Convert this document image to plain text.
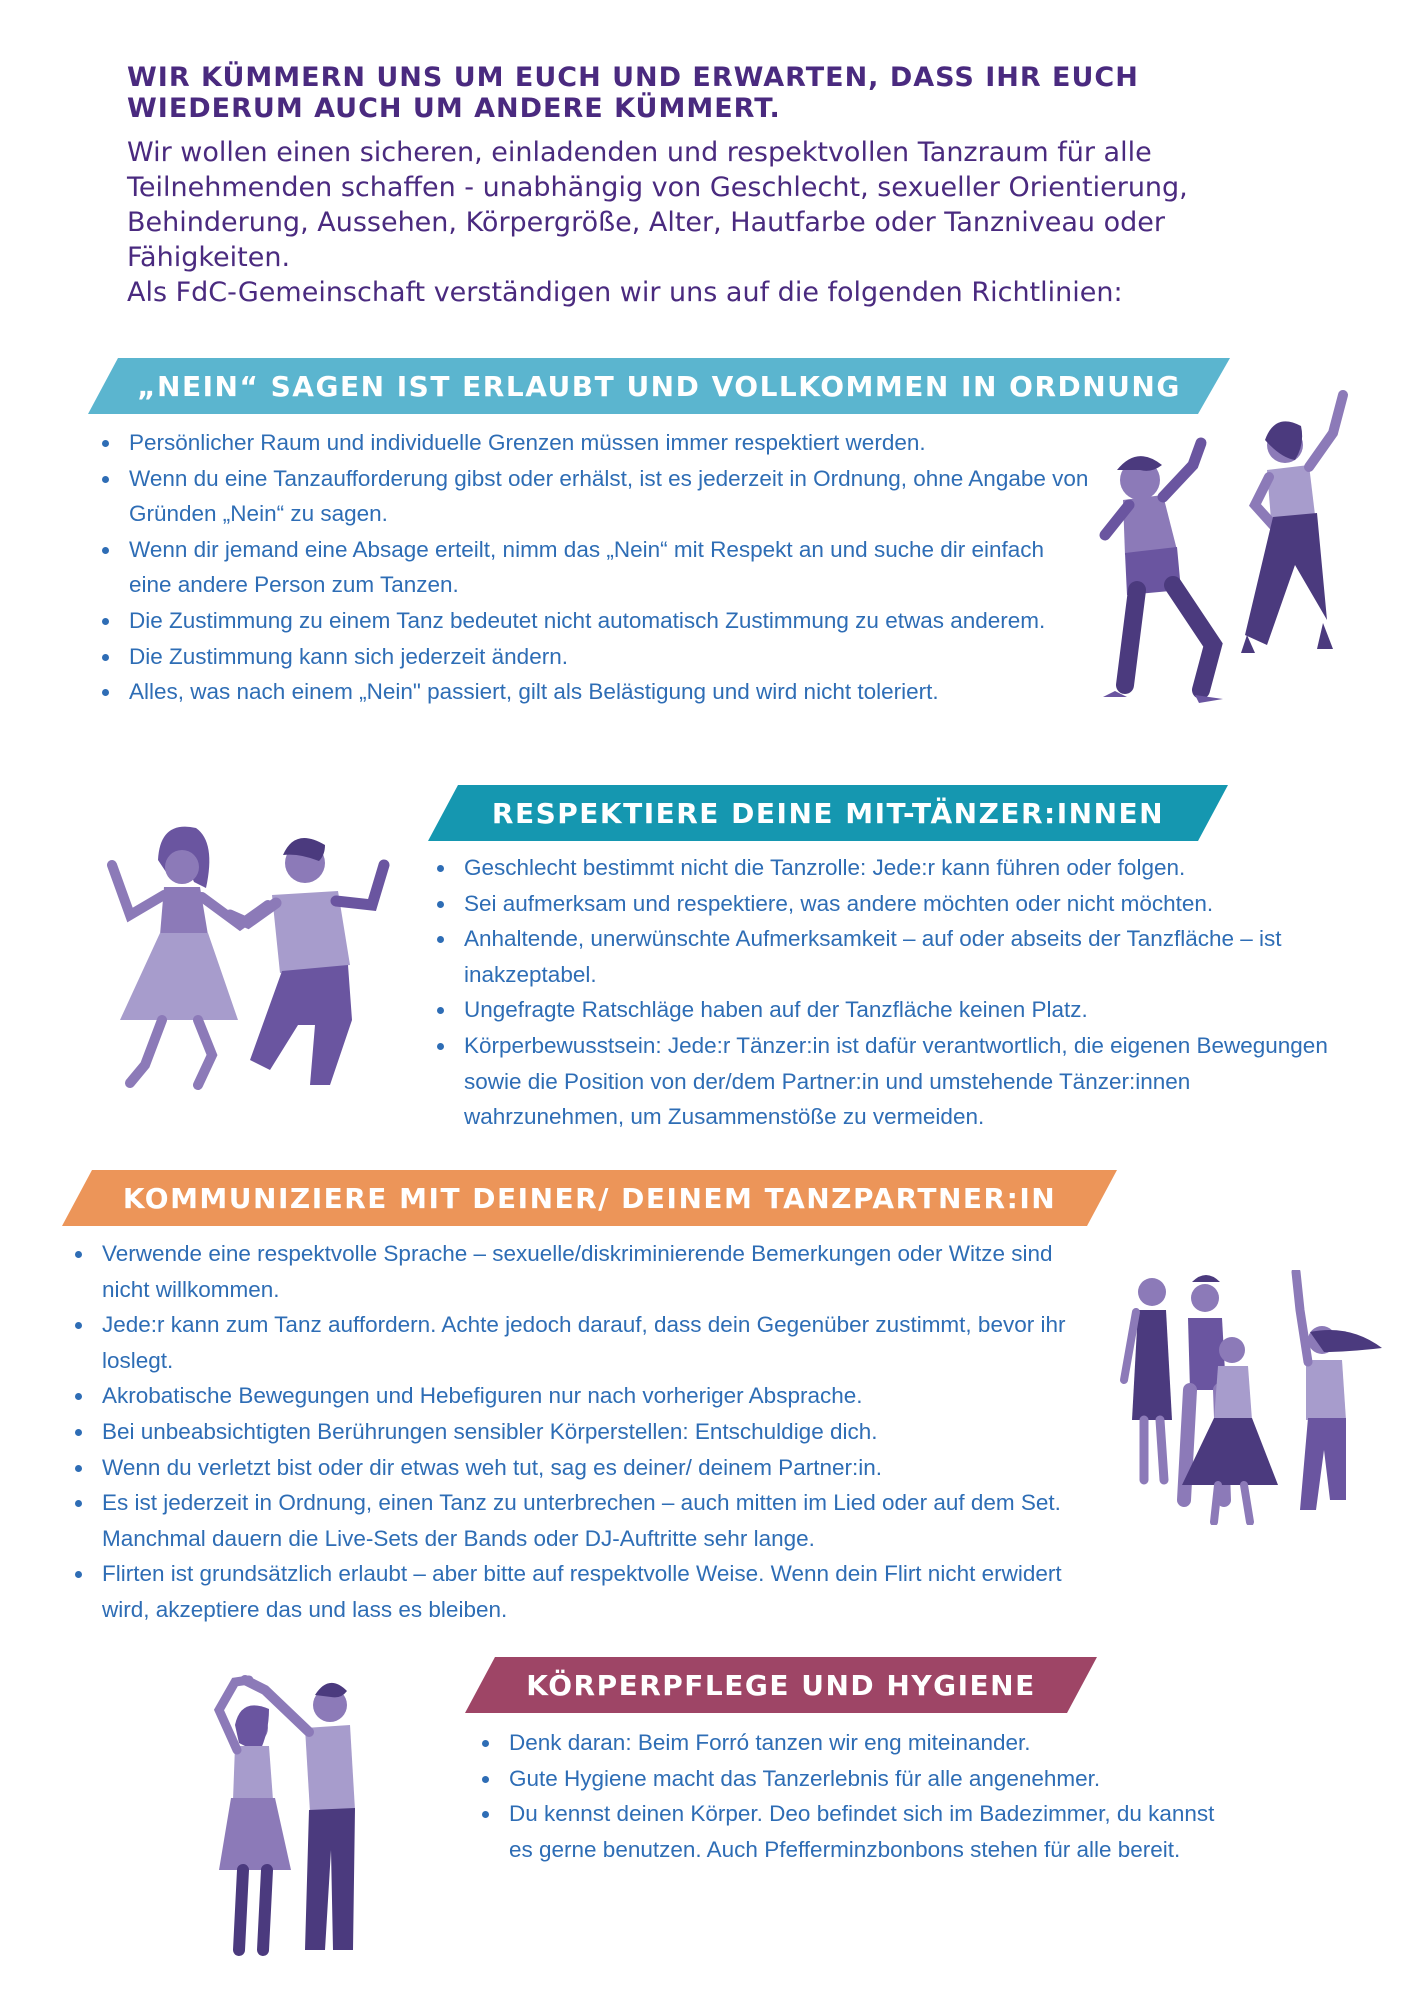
WIR KÜMMERN UNS UM EUCH UND ERWARTEN, DASS IHR EUCH WIEDERUM AUCH UM ANDERE KÜMMERT.

Wir wollen einen sicheren, einladenden und respektvollen Tanzraum für alle Teilnehmenden schaffen - unabhängig von Geschlecht, sexueller Orientierung, Behinderung, Aussehen, Körpergröße, Alter, Hautfarbe oder Tanzniveau oder Fähigkeiten.

Als FdC-Gemeinschaft verständigen wir uns auf die folgenden Richtlinien:

„NEIN“ SAGEN IST ERLAUBT UND VOLLKOMMEN IN ORDNUNG
Persönlicher Raum und individuelle Grenzen müssen immer respektiert werden.
Wenn du eine Tanzaufforderung gibst oder erhälst, ist es jederzeit in Ordnung, ohne Angabe von Gründen „Nein“ zu sagen.
Wenn dir jemand eine Absage erteilt, nimm das „Nein“ mit Respekt an und suche dir einfach eine andere Person zum Tanzen.
Die Zustimmung zu einem Tanz bedeutet nicht automatisch Zustimmung zu etwas anderem.
Die Zustimmung kann sich jederzeit ändern.
Alles, was nach einem „Nein" passiert, gilt als Belästigung und wird nicht toleriert.
RESPEKTIERE DEINE MIT-TÄNZER:INNEN
Geschlecht bestimmt nicht die Tanzrolle: Jede:r kann führen oder folgen.
Sei aufmerksam und respektiere, was andere möchten oder nicht möchten.
Anhaltende, unerwünschte Aufmerksamkeit – auf oder abseits der Tanzfläche – ist inakzeptabel.
Ungefragte Ratschläge haben auf der Tanzfläche keinen Platz.
Körperbewusstsein: Jede:r Tänzer:in ist dafür verantwortlich, die eigenen Bewegungen sowie die Position von der/dem Partner:in und umstehende Tänzer:innen wahrzunehmen, um Zusammenstöße zu vermeiden.
KOMMUNIZIERE MIT DEINER/ DEINEM TANZPARTNER:IN
Verwende eine respektvolle Sprache – sexuelle/diskriminierende Bemerkungen oder Witze sind nicht willkommen.
Jede:r kann zum Tanz auffordern. Achte jedoch darauf, dass dein Gegenüber zustimmt, bevor ihr loslegt.
Akrobatische Bewegungen und Hebefiguren nur nach vorheriger Absprache.
Bei unbeabsichtigten Berührungen sensibler Körperstellen: Entschuldige dich.
Wenn du verletzt bist oder dir etwas weh tut, sag es deiner/ deinem Partner:in.
Es ist jederzeit in Ordnung, einen Tanz zu unterbrechen – auch mitten im Lied oder auf dem Set. Manchmal dauern die Live-Sets der Bands oder DJ-Auftritte sehr lange.
Flirten ist grundsätzlich erlaubt – aber bitte auf respektvolle Weise. Wenn dein Flirt nicht erwidert wird, akzeptiere das und lass es bleiben.
KÖRPERPFLEGE UND HYGIENE
Denk daran: Beim Forró tanzen wir eng miteinander.
Gute Hygiene macht das Tanzerlebnis für alle angenehmer.
Du kennst deinen Körper. Deo befindet sich im Badezimmer, du kannst es gerne benutzen. Auch Pfefferminzbonbons stehen für alle bereit.
